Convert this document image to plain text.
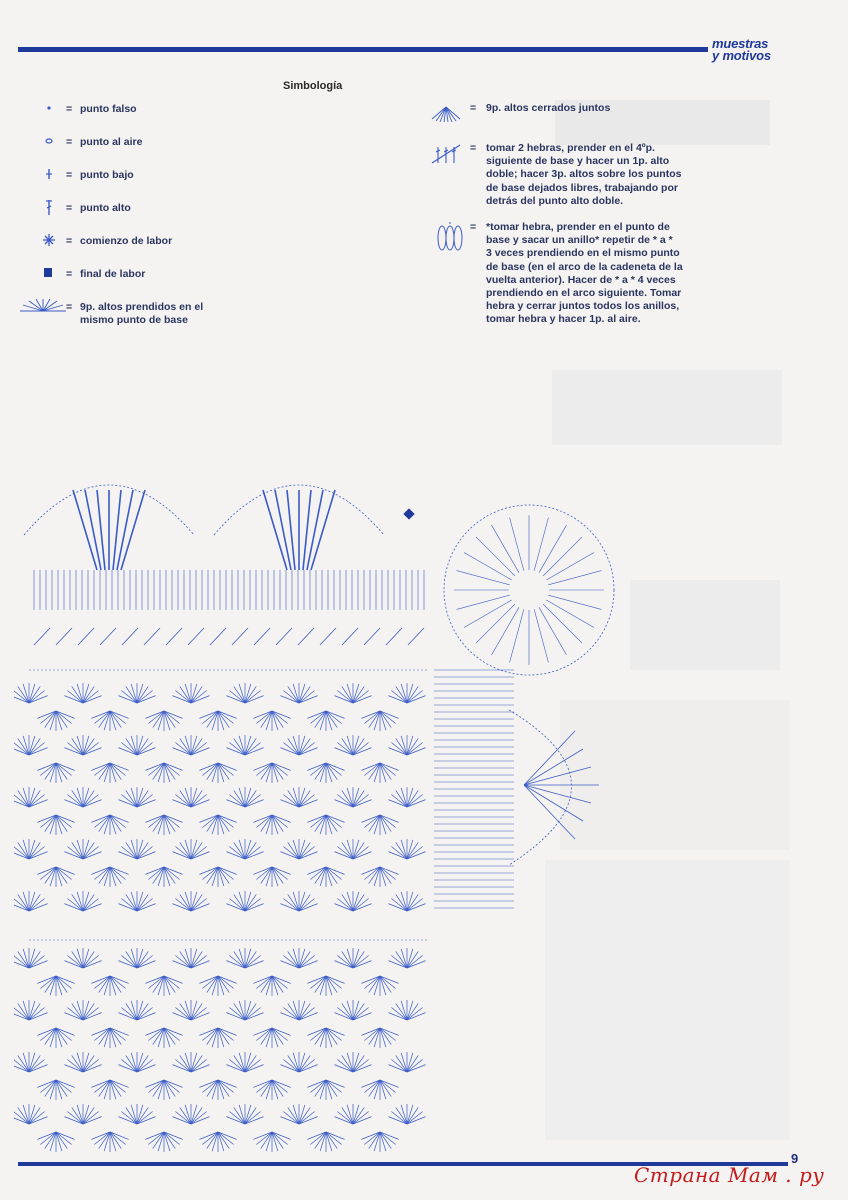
muestras
y motivos
Simbología
= punto falso
= punto al aire
= punto bajo
= punto alto
= comienzo de labor
= final de labor
= 9p. altos prendidos en el
mismo punto de base
= 9p. altos cerrados juntos
= tomar 2 hebras, prender en el 4ºp.
siguiente de base y hacer un 1p. alto
doble; hacer 3p. altos sobre los puntos
de base dejados libres, trabajando por
detrás del punto alto doble.
= *tomar hebra, prender en el punto de
base y sacar un anillo* repetir de * a *
3 veces prendiendo en el mismo punto
de base (en el arco de la cadeneta de la
vuelta anterior). Hacer de * a * 4 veces
prendiendo en el arco siguiente. Tomar
hebra y cerrar juntos todos los anillos,
tomar hebra y hacer 1p. al aire.
9
Страна Мам . ру
